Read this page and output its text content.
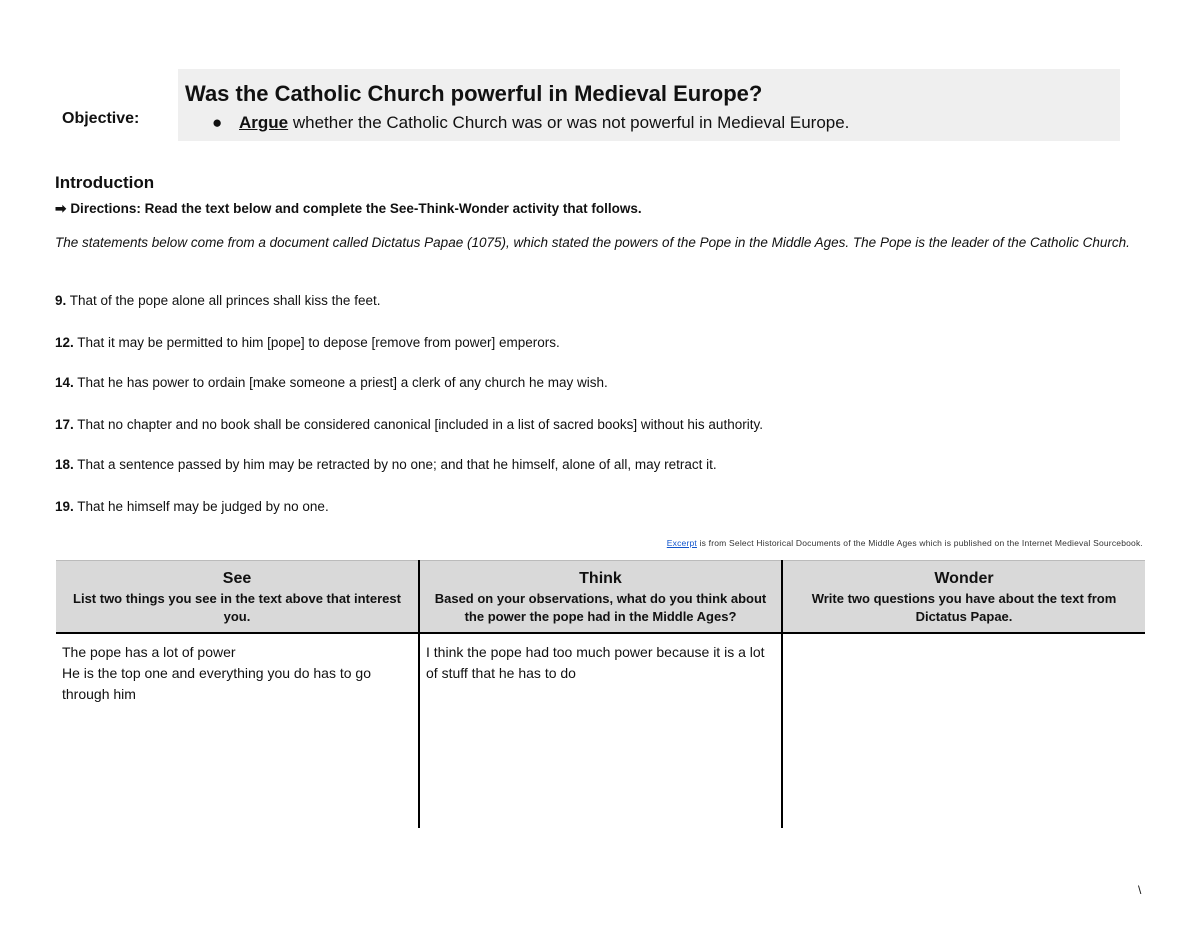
Objective:
Was the Catholic Church powerful in Medieval Europe?
● Argue whether the Catholic Church was or was not powerful in Medieval Europe.
Introduction
➡ Directions: Read the text below and complete the See-Think-Wonder activity that follows.
The statements below come from a document called Dictatus Papae (1075), which stated the powers of the Pope in the Middle Ages. The Pope is the leader of the Catholic Church.
9. That of the pope alone all princes shall kiss the feet.
12. That it may be permitted to him [pope] to depose [remove from power] emperors.
14. That he has power to ordain [make someone a priest] a clerk of any church he may wish.
17. That no chapter and no book shall be considered canonical [included in a list of sacred books] without his authority.
18. That a sentence passed by him may be retracted by no one; and that he himself, alone of all, may retract it.
19. That he himself may be judged by no one.
Excerpt is from Select Historical Documents of the Middle Ages which is published on the Internet Medieval Sourcebook.
See
List two things you see in the text above that interest you.	Think
Based on your observations, what do you think about the power the pope had in the Middle Ages?	Wonder
Write two questions you have about the text from Dictatus Papae.

The pope has a lot of power
He is the top one and everything you do has to go through him	I think the pope had too much power because it is a lot of stuff that he has to do	

\
